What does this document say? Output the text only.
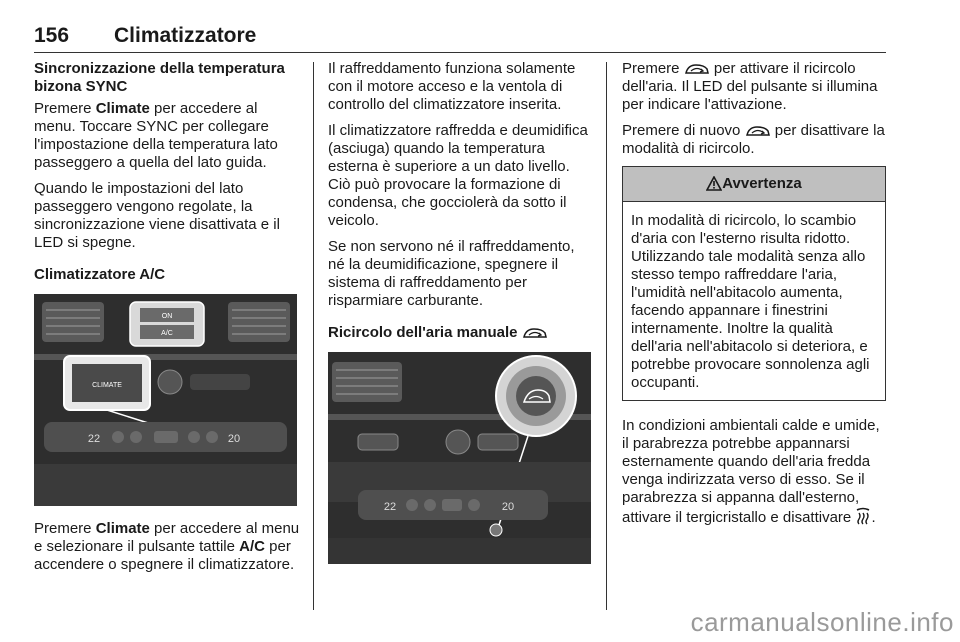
156 Climatizzatore
Sincronizzazione della temperatura bizona SYNC

Premere Climate per accedere al menu. Toccare SYNC per collegare l'impostazione della temperatura lato passeggero a quella del lato guida.

Quando le impostazioni del lato passeggero vengono regolate, la sincronizzazione viene disattivata e il LED si spegne.

Climatizzatore A/C
ON
A/C
CLIMATE
22	20

Premere Climate per accedere al menu e selezionare il pulsante tattile A/C per accendere o spegnere il climatizzatore.

Il raffreddamento funziona solamente con il motore acceso e la ventola di controllo del climatizzatore inserita.

Il climatizzatore raffredda e deumidifica (asciuga) quando la temperatura esterna è superiore a un dato livello. Ciò può provocare la formazione di condensa, che gocciolerà da sotto il veicolo.

Se non servono né il raffreddamento, né la deumidificazione, spegnere il sistema di raffreddamento per risparmiare carburante.

Ricircolo dell'aria manuale
22	20

Premere  per attivare il ricircolo dell'aria. Il LED del pulsante si illumina per indicare l'attivazione.

Premere di nuovo  per disattivare la modalità di ricircolo.

Avvertenza
In modalità di ricircolo, lo scambio d'aria con l'esterno risulta ridotto. Utilizzando tale modalità senza allo stesso tempo raffreddare l'aria, l'umidità nell'abitacolo aumenta, facendo appannare i finestrini internamente. Inoltre la qualità dell'aria nell'abitacolo si deteriora, e potrebbe provocare sonnolenza agli occupanti.

In condizioni ambientali calde e umide, il parabrezza potrebbe appannarsi esternamente quando dell'aria fredda venga indirizzata verso di esso. Se il parabrezza si appanna dall'esterno, attivare il tergicristallo e disattivare .

carmanualsonline.info
